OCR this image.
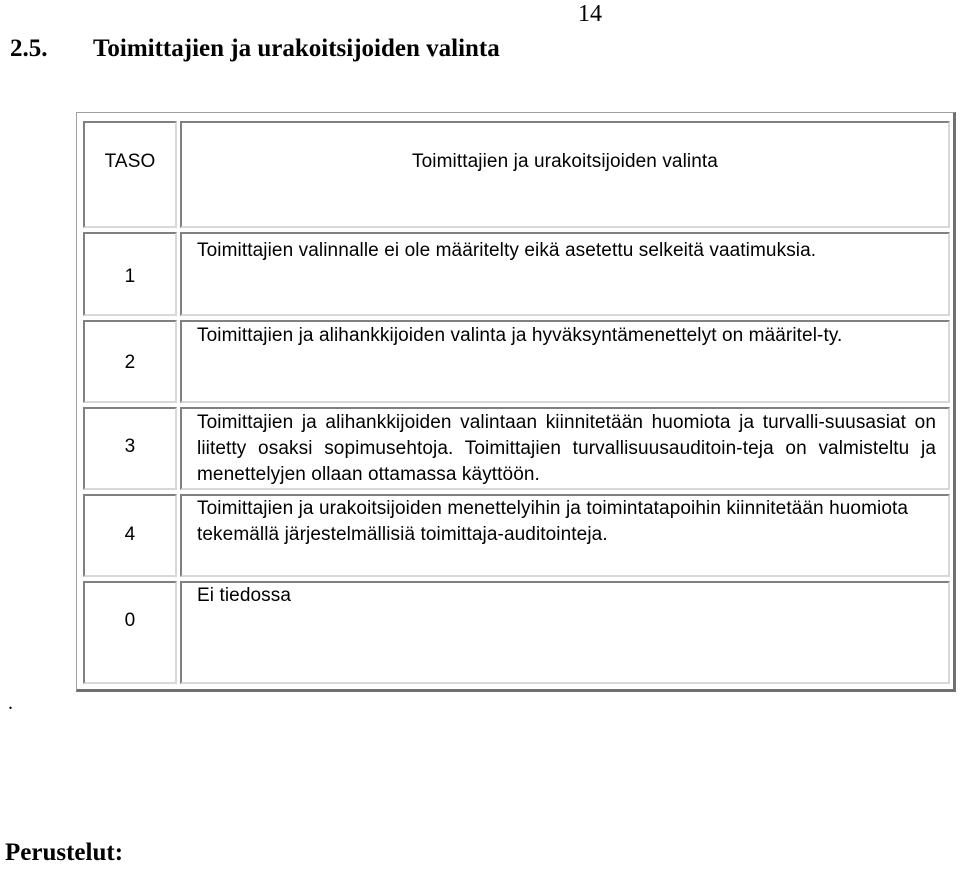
14
2.5. Toimittajien ja urakoitsijoiden valinta
TASO	Toimittajien ja urakoitsijoiden valinta
1
Toimittajien valinnalle ei ole määritelty eikä asetettu selkeitä vaatimuksia.
2
Toimittajien ja alihankkijoiden valinta ja hyväksyntämenettelyt on määritel-ty.
3
Toimittajien ja alihankkijoiden valintaan kiinnitetään huomiota ja turvalli-suusasiat on liitetty osaksi sopimusehtoja. Toimittajien turvallisuusauditoin-teja on valmisteltu ja menettelyjen ollaan ottamassa käyttöön.
4
Toimittajien ja urakoitsijoiden menettelyihin ja toimintatapoihin kiinnitetään huomiota tekemällä järjestelmällisiä toimittaja-auditointeja.
0
Ei tiedossa
.
Perustelut:
